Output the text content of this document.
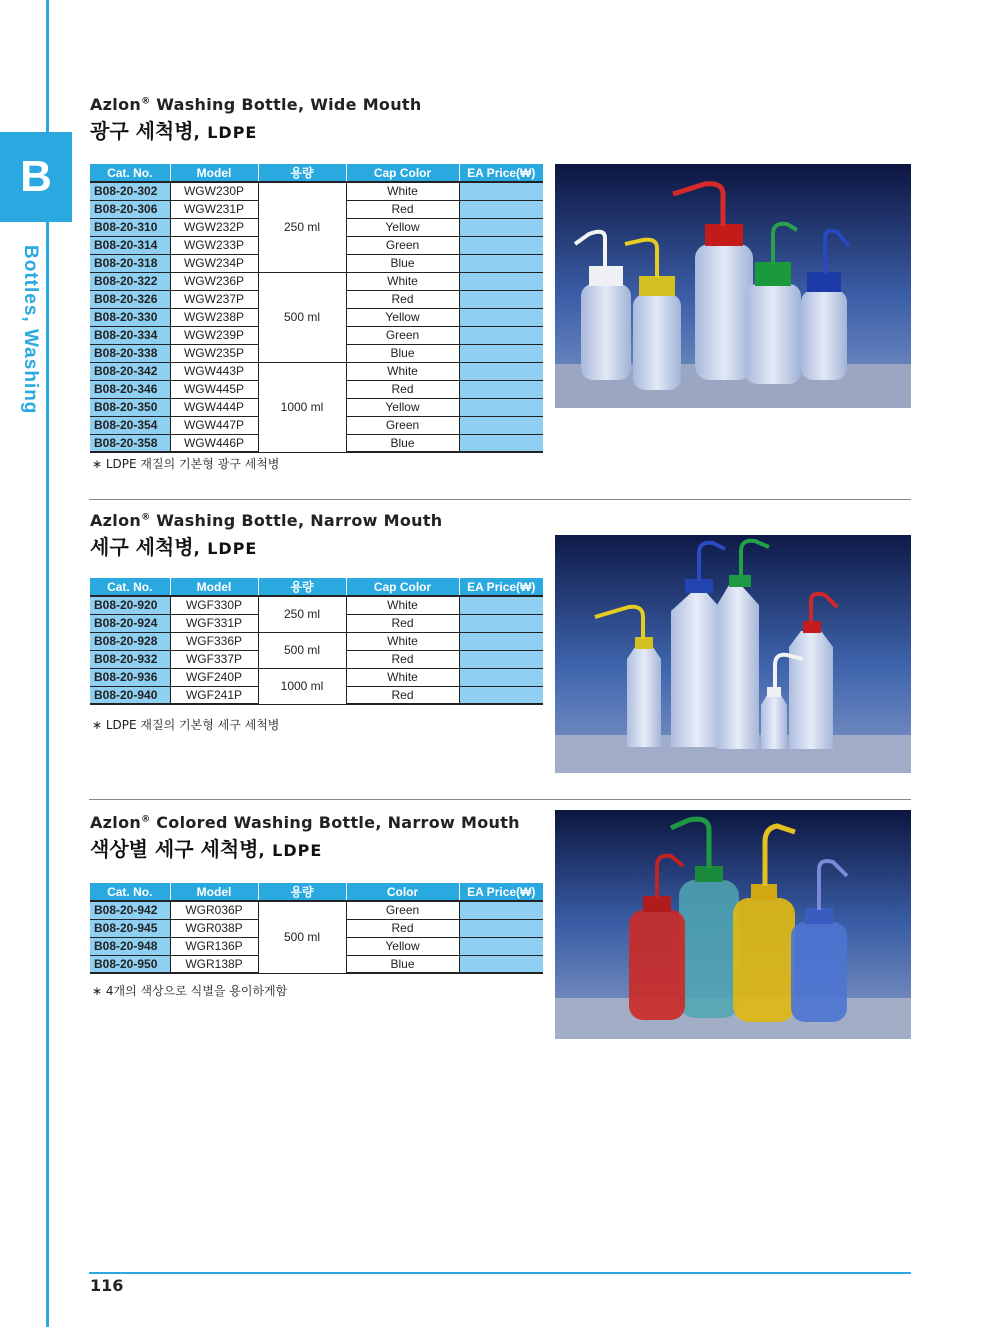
B
Bottles, Washing
Azlon® Washing Bottle, Wide Mouth
광구 세척병, LDPE
Cat. No.	Model	용량	Cap Color	EA Price(₩)
B08-20-302	WGW230P	250 ml	White	
B08-20-306	WGW231P		Red	
B08-20-310	WGW232P		Yellow	
B08-20-314	WGW233P		Green	
B08-20-318	WGW234P		Blue	
B08-20-322	WGW236P	500 ml	White	
B08-20-326	WGW237P		Red	
B08-20-330	WGW238P		Yellow	
B08-20-334	WGW239P		Green	
B08-20-338	WGW235P		Blue	
B08-20-342	WGW443P	1000 ml	White	
B08-20-346	WGW445P		Red	
B08-20-350	WGW444P		Yellow	
B08-20-354	WGW447P		Green	
B08-20-358	WGW446P		Blue	
∗ LDPE 재질의 기본형 광구 세척병
Azlon® Washing Bottle, Narrow Mouth
세구 세척병, LDPE
Cat. No.	Model	용량	Cap Color	EA Price(₩)
B08-20-920	WGF330P	250 ml	White	
B08-20-924	WGF331P		Red	
B08-20-928	WGF336P	500 ml	White	
B08-20-932	WGF337P		Red	
B08-20-936	WGF240P	1000 ml	White	
B08-20-940	WGF241P		Red	
∗ LDPE 재질의 기본형 세구 세척병
Azlon® Colored Washing Bottle, Narrow Mouth
색상별 세구 세척병, LDPE
Cat. No.	Model	용량	Color	EA Price(₩)
B08-20-942	WGR036P	500 ml	Green	
B08-20-945	WGR038P		Red	
B08-20-948	WGR136P		Yellow	
B08-20-950	WGR138P		Blue	
∗ 4개의 색상으로 식별을 용이하게함
116
